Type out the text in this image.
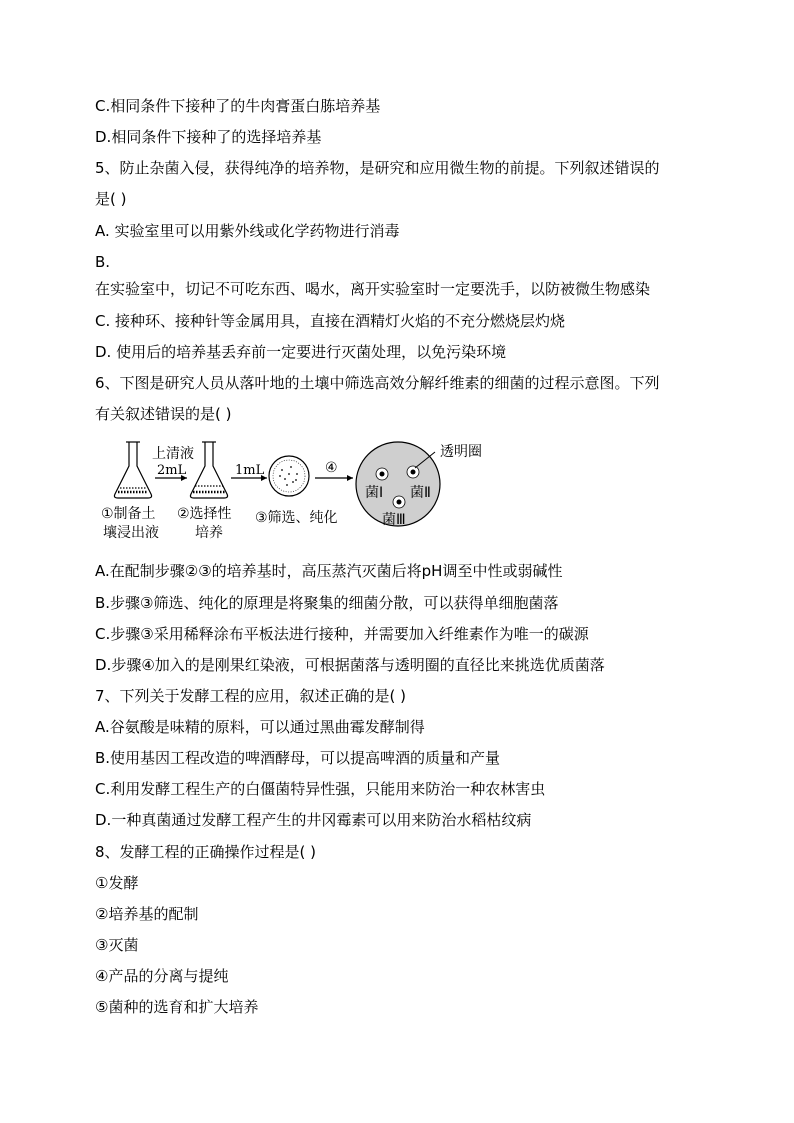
C.相同条件下接种了的牛肉膏蛋白胨培养基
D.相同条件下接种了的选择培养基
5、防止杂菌入侵，获得纯净的培养物，是研究和应用微生物的前提。下列叙述错误的
是( )
A. 实验室里可以用紫外线或化学药物进行消毒
B.
在实验室中，切记不可吃东西、喝水，离开实验室时一定要洗手，以防被微生物感染
C. 接种环、接种针等金属用具，直接在酒精灯火焰的不充分燃烧层灼烧
D. 使用后的培养基丢弃前一定要进行灭菌处理，以免污染环境
6、下图是研究人员从落叶地的土壤中筛选高效分解纤维素的细菌的过程示意图。下列
有关叙述错误的是( )
上清液
2mL	1mL	④
透明圈
菌Ⅰ 菌Ⅱ
菌Ⅲ
①制备土
壤浸出液
②选择性
培养
③筛选、纯化
A.在配制步骤②③的培养基时，高压蒸汽灭菌后将pH调至中性或弱碱性
B.步骤③筛选、纯化的原理是将聚集的细菌分散，可以获得单细胞菌落
C.步骤③采用稀释涂布平板法进行接种，并需要加入纤维素作为唯一的碳源
D.步骤④加入的是刚果红染液，可根据菌落与透明圈的直径比来挑选优质菌落
7、下列关于发酵工程的应用，叙述正确的是( )
A.谷氨酸是味精的原料，可以通过黑曲霉发酵制得
B.使用基因工程改造的啤酒酵母，可以提高啤酒的质量和产量
C.利用发酵工程生产的白僵菌特异性强，只能用来防治一种农林害虫
D.一种真菌通过发酵工程产生的井冈霉素可以用来防治水稻枯纹病
8、发酵工程的正确操作过程是( )
①发酵
②培养基的配制
③灭菌
④产品的分离与提纯
⑤菌种的选育和扩大培养
